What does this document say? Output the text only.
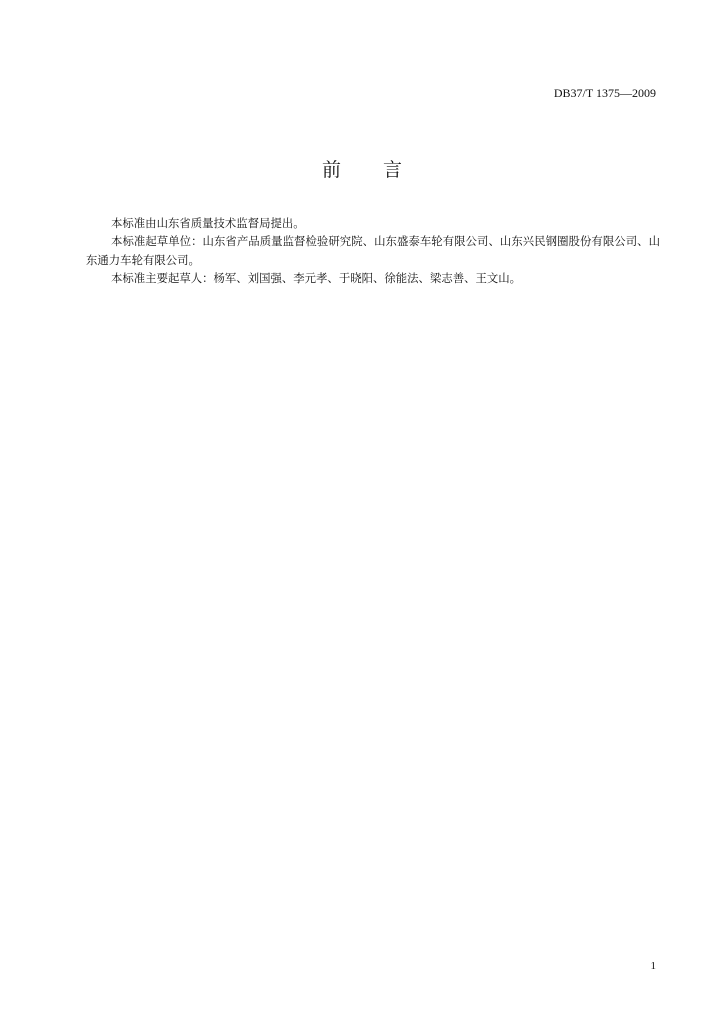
DB37/T 1375—2009
前 言

本标准由山东省质量技术监督局提出。

本标准起草单位：山东省产品质量监督检验研究院、山东盛泰车轮有限公司、山东兴民钢圈股份有限公司、山东通力车轮有限公司。

本标准主要起草人：杨军、刘国强、李元孝、于晓阳、徐能法、梁志善、王文山。

1
